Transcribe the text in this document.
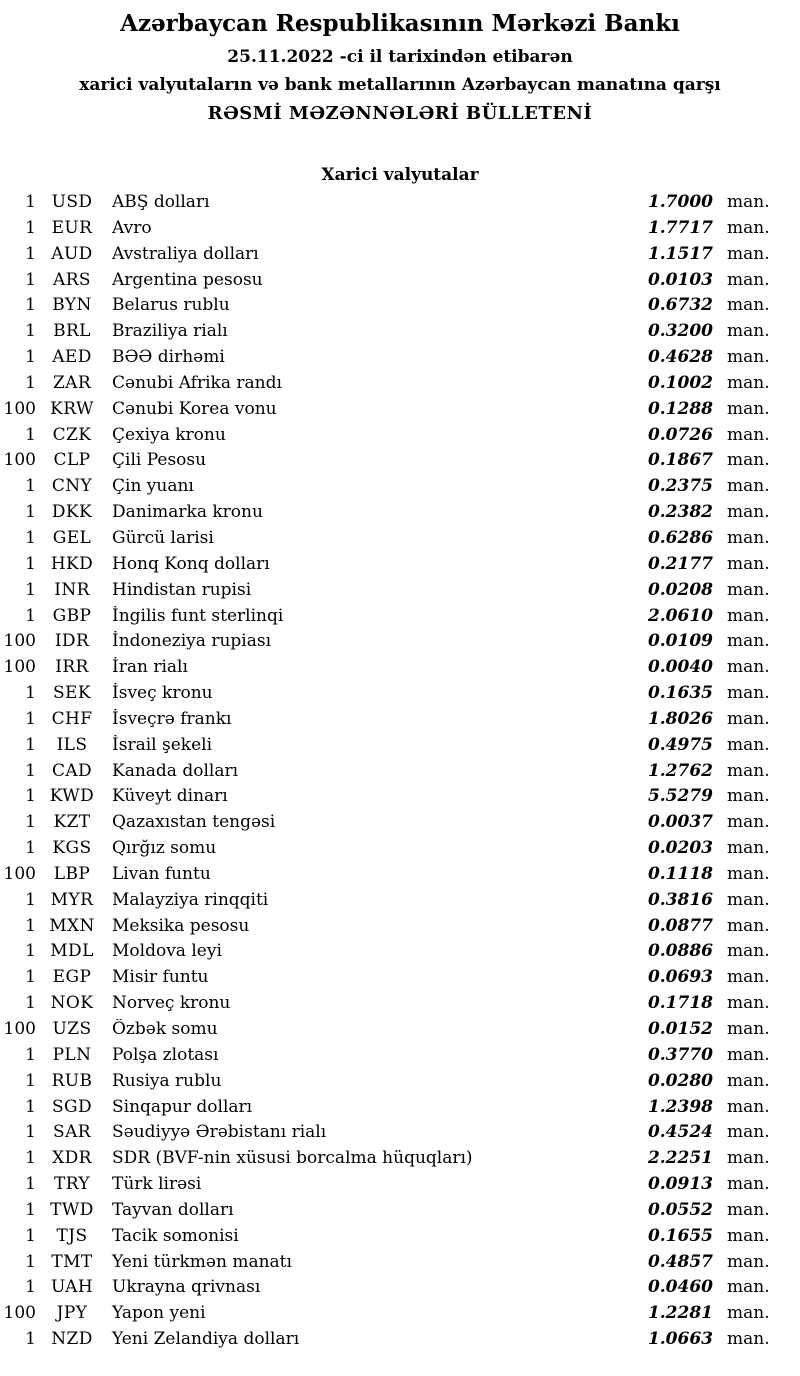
Azərbaycan Respublikasının Mərkəzi Bankı
25.11.2022 -ci il tarixindən etibarən
xarici valyutaların və bank metallarının Azərbaycan manatına qarşı
RƏSMİ MƏZƏNNƏLƏRİ BÜLLETENİ
Xarici valyutalar
1 USD	ABŞ dolları	1.7000 man.
1 EUR	Avro	1.7717 man.
1 AUD	Avstraliya dolları	1.1517 man.
1	ARS	Argentina pesosu	0.0103 man.
1 BYN	Belarus rublu	0.6732 man.
1	BRL	Braziliya rialı	0.3200 man.
1 AED	BƏƏ dirhəmi	0.4628 man.
1 ZAR	Cənubi Afrika randı	0.1002 man.
100 KRW	Cənubi Korea vonu	0.1288 man.
1 CZK	Çexiya kronu	0.0726 man.
100	CLP	Çili Pesosu	0.1867 man.
1 CNY	Çin yuanı	0.2375 man.
1 DKK	Danimarka kronu	0.2382 man.
1 GEL	Gürcü larisi	0.6286 man.
1 HKD	Honq Konq dolları	0.2177 man.
1	INR	Hindistan rupisi	0.0208 man.
1 GBP	İngilis funt sterlinqi	2.0610 man.
100	IDR	İndoneziya rupiası	0.0109 man.
100	IRR	İran rialı	0.0040 man.
1	SEK	İsveç kronu	0.1635 man.
1 CHF	İsveçrə frankı	1.8026 man.
1	ILS	İsrail şekeli	0.4975 man.
1 CAD	Kanada dolları	1.2762 man.
1 KWD	Küveyt dinarı	5.5279 man.
1	KZT	Qazaxıstan tengəsi	0.0037 man.
1 KGS	Qırğız somu	0.0203 man.
100	LBP	Livan funtu	0.1118 man.
1 MYR	Malayziya rinqqiti	0.3816 man.
1 MXN	Meksika pesosu	0.0877 man.
1 MDL	Moldova leyi	0.0886 man.
1 EGP	Misir funtu	0.0693 man.
1 NOK	Norveç kronu	0.1718 man.
100 UZS	Özbək somu	0.0152 man.
1 PLN	Polşa zlotası	0.3770 man.
1 RUB	Rusiya rublu	0.0280 man.
1 SGD	Sinqapur dolları	1.2398 man.
1	SAR	Səudiyyə Ərəbistanı rialı	0.4524 man.
1 XDR	SDR (BVF-nin xüsusi borcalma hüquqları)	2.2251 man.
1	TRY	Türk lirəsi	0.0913 man.
1 TWD	Tayvan dolları	0.0552 man.
1	TJS	Tacik somonisi	0.1655 man.
1 TMT	Yeni türkmən manatı	0.4857 man.
1 UAH	Ukrayna qrivnası	0.0460 man.
100	JPY	Yapon yeni	1.2281 man.
1 NZD	Yeni Zelandiya dolları	1.0663 man.
